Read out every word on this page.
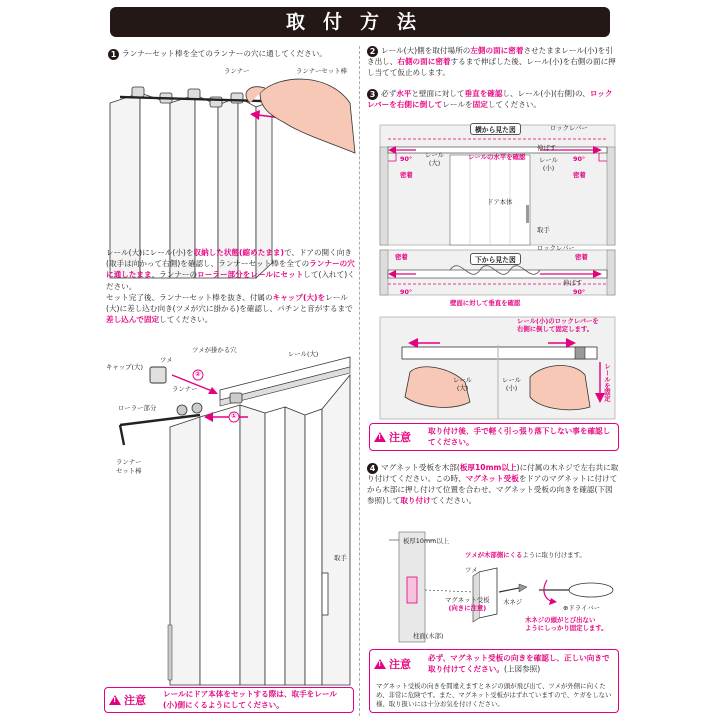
取付方法
1 ランナーセット棒を全てのランナーの穴に通してください。
ランナー	ランナーセット棒
レール(大)にレール(小)を収納した状態(縮めたまま)で、ドアの開く向き(取手は向かって右側)を確認し、ランナーセット棒を全てのランナーの穴に通したまま、ランナーのローラー部分をレールにセットして(入れて)ください。
セット完了後、ランナーセット棒を抜き、付属のキャップ(大)をレール(大)に差し込む向き(ツメが穴に掛かる)を確認し、パチンと音がするまで差し込んで固定してください。
キャップ(大)
ツメ
ツメが掛かる穴	レール(大)
ランナー
ローラー部分
ランナー
セット棒
取手
②
①
!
注意
レールにドア本体をセットする際は、取手をレール(小)側にくるようにしてください。
2 レール(大)側を取付場所の左側の面に密着させたままレール(小)を引き出し、右側の面に密着するまで伸ばした後、レール(小)を右側の面に押し当てて仮止めします。
3 必ず水平と壁面に対して垂直を確認し、レール(小)(右側)の、ロックレバーを右側に倒してレールを固定してください。
横から見た図	ロックレバー
90°	90°
レール
(大)
レールの水平を確認
伸ばす
レール
(小)
密着	密着
ドア本体
取手
下から見た図
ロックレバー
密着	密着
伸ばす
90°	90°
壁面に対して垂直を確認
レール(小)のロックレバーを
右側に倒して固定します。
レール
(大)
レール
(小)	レールを固定
!
注意
取り付け後、手で軽く引っ張り落下しない事を確認してください。
4 マグネット受板を木部(板厚10mm以上)に付属の木ネジで左右共に取り付けてください。この時、マグネット受板をドアのマグネットに付けてから木部に押し付けて位置を合わせ、マグネット受板の向きを確認(下図参照)して取り付けてください。
板厚10mm以上
ツメが木部側にくるように取り付けます。
ツメ
木ネジ
マグネット受板
(向きに注意)	⊕ドライバー
柱面(木部)
木ネジの頭がとび出ない
ようにしっかり固定します。
!
注意
必ず、マグネット受板の向きを確認し、正しい向きで取り付けてください。(上図参照)
マグネット受板の向きを間違えますとネジの頭が飛び出て、ツメが外側に向くため、非常に危険です。また、マグネット受板がはずれていますので、ケガをしない様、取り扱いには十分お気を付けください。
